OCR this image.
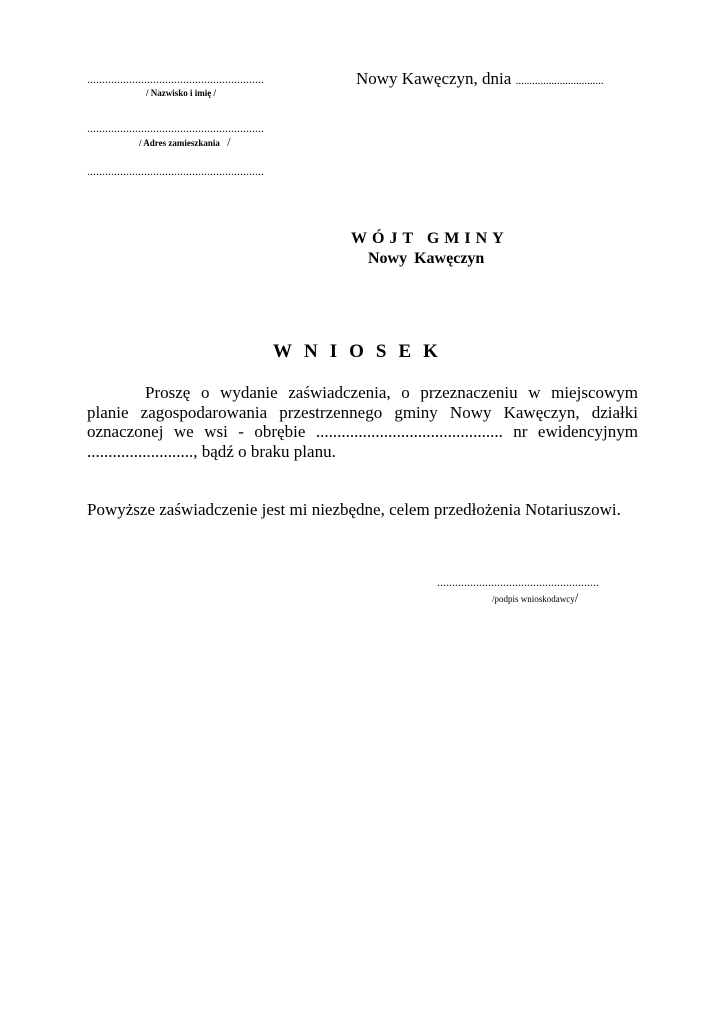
...........................................................
/ Nazwisko i imię /
...........................................................
/ Adres zamieszkania /
...........................................................
Nowy Kawęczyn, dnia ................................
WÓJT GMINY
Nowy Kawęczyn
WNIOSEK

Proszę o wydanie zaświadczenia, o przeznaczeniu w miejscowym planie zagospodarowania przestrzennego gminy Nowy Kawęczyn, działki oznaczonej we wsi - obrębie ............................................ nr ewidencyjnym ........................., bądź o braku planu.

Powyższe zaświadczenie jest mi niezbędne, celem przedłożenia Notariuszowi.

......................................................
/podpis wnioskodawcy/
